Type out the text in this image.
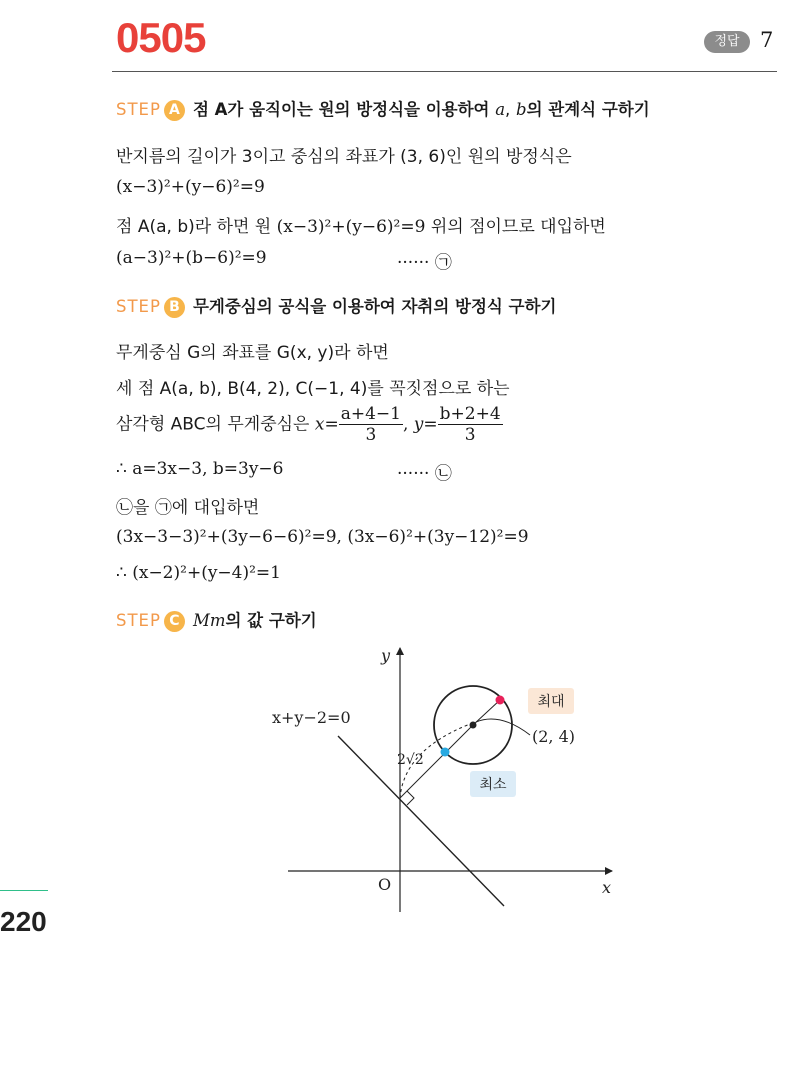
0505	정답 7
STEP A 점 A가 움직이는 원의 방정식을 이용하여 a, b의 관계식 구하기
반지름의 길이가 3이고 중심의 좌표가 (3, 6)인 원의 방정식은
(x−3)²+(y−6)²=9
점 A(a, b)라 하면 원 (x−3)²+(y−6)²=9 위의 점이므로 대입하면
(a−3)²+(b−6)²=9	······ ㉠
STEP B 무게중심의 공식을 이용하여 자취의 방정식 구하기
무게중심 G의 좌표를 G(x, y)라 하면
세 점 A(a, b), B(4, 2), C(−1, 4)를 꼭짓점으로 하는
삼각형 ABC의 무게중심은 $x= \frac{a+4-1}{3}$ , $y= \frac{b+2+4}{3}$
∴ a=3x−3, b=3y−6	······ ㉡
㉡을 ㉠에 대입하면
(3x−3−3)²+(3y−6−6)²=9, (3x−6)²+(3y−12)²=9
∴ (x−2)²+(y−4)²=1
STEP C Mm의 값 구하기
x
y
O
x+y−2=0
2√2
(2, 4)
최대
최소
220
